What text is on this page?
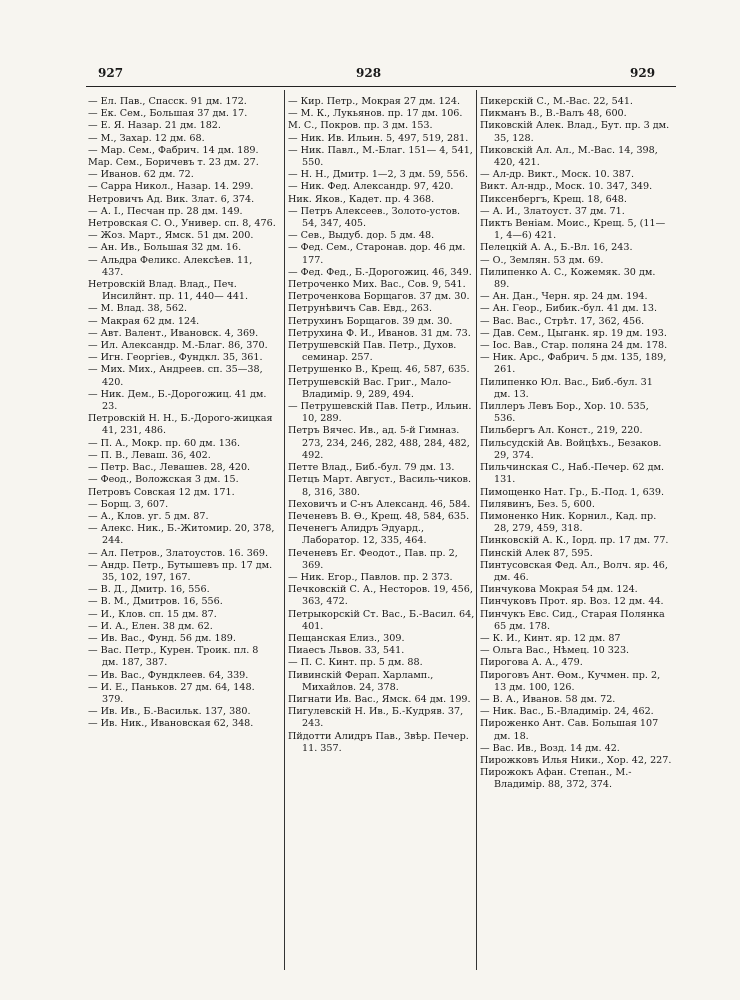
927	928	929

— Ел. Пав., Спасск. 91 дм. 172.

— Ек. Сем., Большая 37 дм. 17.

— Е. Я. Назар. 21 дм. 182.

— М., Захар. 12 дм. 68.

— Мар. Сем., Фабрич. 14 дм. 189.

Мар. Сем., Боричевъ т. 23 дм. 27.

— Иванов. 62 дм. 72.

— Сарра Никол., Назар. 14. 299.

Нетровичъ Ад. Вик. Злат. 6, 374.

— А. I., Песчан пр. 28 дм. 149.

Нетровская С. О., Универ. сп. 8, 476.

— Жоз. Март., Ямск. 51 дм. 200.

— Ан. Ив., Большая 32 дм. 16.

— Альдра Феликс. Алексѣев. 11, 437.

Нетровскій Влад. Влад., Печ. Инсилйнт. пр. 11, 440— 441.

— М. Влад. 38, 562.

— Макрая 62 дм. 124.

— Авт. Валент., Ивановск. 4, 369.

— Ил. Александр. М.-Благ. 86, 370.

— Игн. Георгіев., Фундкл. 35, 361.

— Мих. Мих., Андреев. сп. 35—38, 420.

— Ник. Дем., Б.-Дорогожиц. 41 дм. 23.

Петровскій Н. Н., Б.-Дорого-жицкая 41, 231, 486.

— П. А., Мокр. пр. 60 дм. 136.

— П. В., Леваш. 36, 402.

— Петр. Вас., Левашев. 28, 420.

— Феод., Воложская 3 дм. 15.

Петровъ Совская 12 дм. 171.

— Борщ. 3, 607.

— А., Клов. уг. 5 дм. 87.

— Алекс. Ник., Б.-Житомир. 20, 378, 244.

— Ал. Петров., Златоустов. 16. 369.

— Андр. Петр., Бутышевъ пр. 17 дм. 35, 102, 197, 167.

— В. Д., Дмитр. 16, 556.

— В. М., Дмитров. 16, 556.

— И., Клов. сп. 15 дм. 87.

— И. А., Елен. 38 дм. 62.

— Ив. Вас., Фунд. 56 дм. 189.

— Вас. Петр., Курен. Троик. пл. 8 дм. 187, 387.

— Ив. Вас., Фундклеев. 64, 339.

— И. Е., Паньков. 27 дм. 64, 148. 379.

— Ив. Ив., Б.-Васильк. 137, 380.

— Ив. Ник., Ивановская 62, 348.

— Кир. Петр., Мокрая 27 дм. 124.

— М. К., Лукьянов. пр. 17 дм. 106.

М. С., Покров. пр. 3 дм. 153.

— Ник. Ив. Ильин. 5, 497, 519, 281.

— Ник. Павл., М.-Благ. 151— 4, 541, 550.

— Н. Н., Дмитр. 1—2, 3 дм. 59, 556.

— Ник. Фед. Александр. 97, 420.

Ник. Яков., Кадет. пр. 4 368.

— Петръ Алексеев., Золото-устов. 54, 347, 405.

— Сев., Выдуб. дор. 5 дм. 48.

— Фед. Сем., Старонав. дор. 46 дм. 177.

— Фед. Фед., Б.-Дорогожиц. 46, 349.

Петроченко Мих. Вас., Сов. 9, 541.

Петроченкова Борщагов. 37 дм. 30.

Петрунѣвичъ Сав. Евд., 263.

Петрухинъ Борщагов. 39 дм. 30.

Петрухина Ф. И., Иванов. 31 дм. 73.

Петрушевскій Пав. Петр., Духов. семинар. 257.

Петрушенко В., Крещ. 46, 587, 635.

Петрушевскій Вас. Григ., Мало-Владимір. 9, 289, 494.

— Петрушевскій Пав. Петр., Ильин. 10, 289.

Петръ Вячес. Ив., ад. 5-й Гимназ. 273, 234, 246, 282, 488, 284, 482, 492.

Петте Влад., Биб.-бул. 79 дм. 13.

Петцъ Март. Август., Василь-чиков. 8, 316, 380.

Пеховичъ и С-нъ Александ. 46, 584.

Печеневъ В. Ө., Крещ. 48, 584, 635.

Печенегъ Алидръ Эдуард., Лаборатор. 12, 335, 464.

Печеневъ Ег. Феодот., Пав. пр. 2, 369.

— Ник. Егор., Павлов. пр. 2 373.

Печковскій С. А., Несторов. 19, 456, 363, 472.

Петрыкорскій Ст. Вас., Б.-Васил. 64, 401.

Пещанская Елиз., 309.

Пиаесъ Львов. 33, 541.

— П. С. Кинт. пр. 5 дм. 88.

Пивинскій Ферап. Харламп., Михайлов. 24, 378.

Пигнати Ив. Вас., Ямск. 64 дм. 199.

Пигулевскій Н. Ив., Б.-Кудряв. 37, 243.

Пйдотти Алидръ Пав., Звѣр. Печер. 11. 357.

Пикерскій С., М.-Вас. 22, 541.

Пикманъ В., В.-Валъ 48, 600.

Пиковскій Алек. Влад., Бут. пр. 3 дм. 35, 128.

Пиковскій Ал. Ал., М.-Вас. 14, 398, 420, 421.

— Ал-др. Викт., Моск. 10. 387.

Викт. Ал-ндр., Моск. 10. 347, 349.

Пиксенбергъ, Крещ. 18, 648.

— А. И., Златоуст. 37 дм. 71.

Пиктъ Веніам. Моис., Крещ. 5, (11—1, 4—6) 421.

Пелецкій А. А., Б.-Вл. 16, 243.

— О., Землян. 53 дм. 69.

Пилипенко А. С., Кожемяк. 30 дм. 89.

— Ан. Дан., Черн. яр. 24 дм. 194.

— Ан. Геор., Бибик.-бул. 41 дм. 13.

— Вас. Вас., Стрѣт. 17, 362, 456.

— Дав. Сем., Цыганк. яр. 19 дм. 193.

— Іос. Вав., Стар. поляна 24 дм. 178.

— Ник. Арс., Фабрич. 5 дм. 135, 189, 261.

Пилипенко Юл. Вас., Биб.-бул. 31 дм. 13.

Пиллеръ Левъ Бор., Хор. 10. 535, 536.

Пильбергъ Ал. Конст., 219, 220.

Пильсудскій Ав. Войцѣхъ., Безаков. 29, 374.

Пильчинская С., Наб.-Печер. 62 дм. 131.

Пимощенко Нат. Гр., Б.-Под. 1, 639.

Пилявинъ, Без. 5, 600.

Пимоненко Ник. Корнил., Кад. пр. 28, 279, 459, 318.

Пинковскій А. К., Іорд. пр. 17 дм. 77.

Пинскій Алек 87, 595.

Пинтусовская Фед. Ал., Волч. яр. 46, дм. 46.

Пинчукова Мокрая 54 дм. 124.

Пинчуковъ Прот. яр. Воз. 12 дм. 44.

Пинчукъ Евс. Сид., Старая Полянка 65 дм. 178.

— К. И., Кинт. яр. 12 дм. 87

— Ольга Вас., Нѣмец. 10 323.

Пирогова А. А., 479.

Пироговъ Ант. Өом., Кучмен. пр. 2, 13 дм. 100, 126.

— В. А., Иванов. 58 дм. 72.

— Ник. Вас., Б.-Владимір. 24, 462.

Пироженко Ант. Сав. Большая 107 дм. 18.

— Вас. Ив., Возд. 14 дм. 42.

Пирожковъ Илья Ники., Хор. 42, 227.

Пирожокъ Афан. Степан., М.-Владимір. 88, 372, 374.
